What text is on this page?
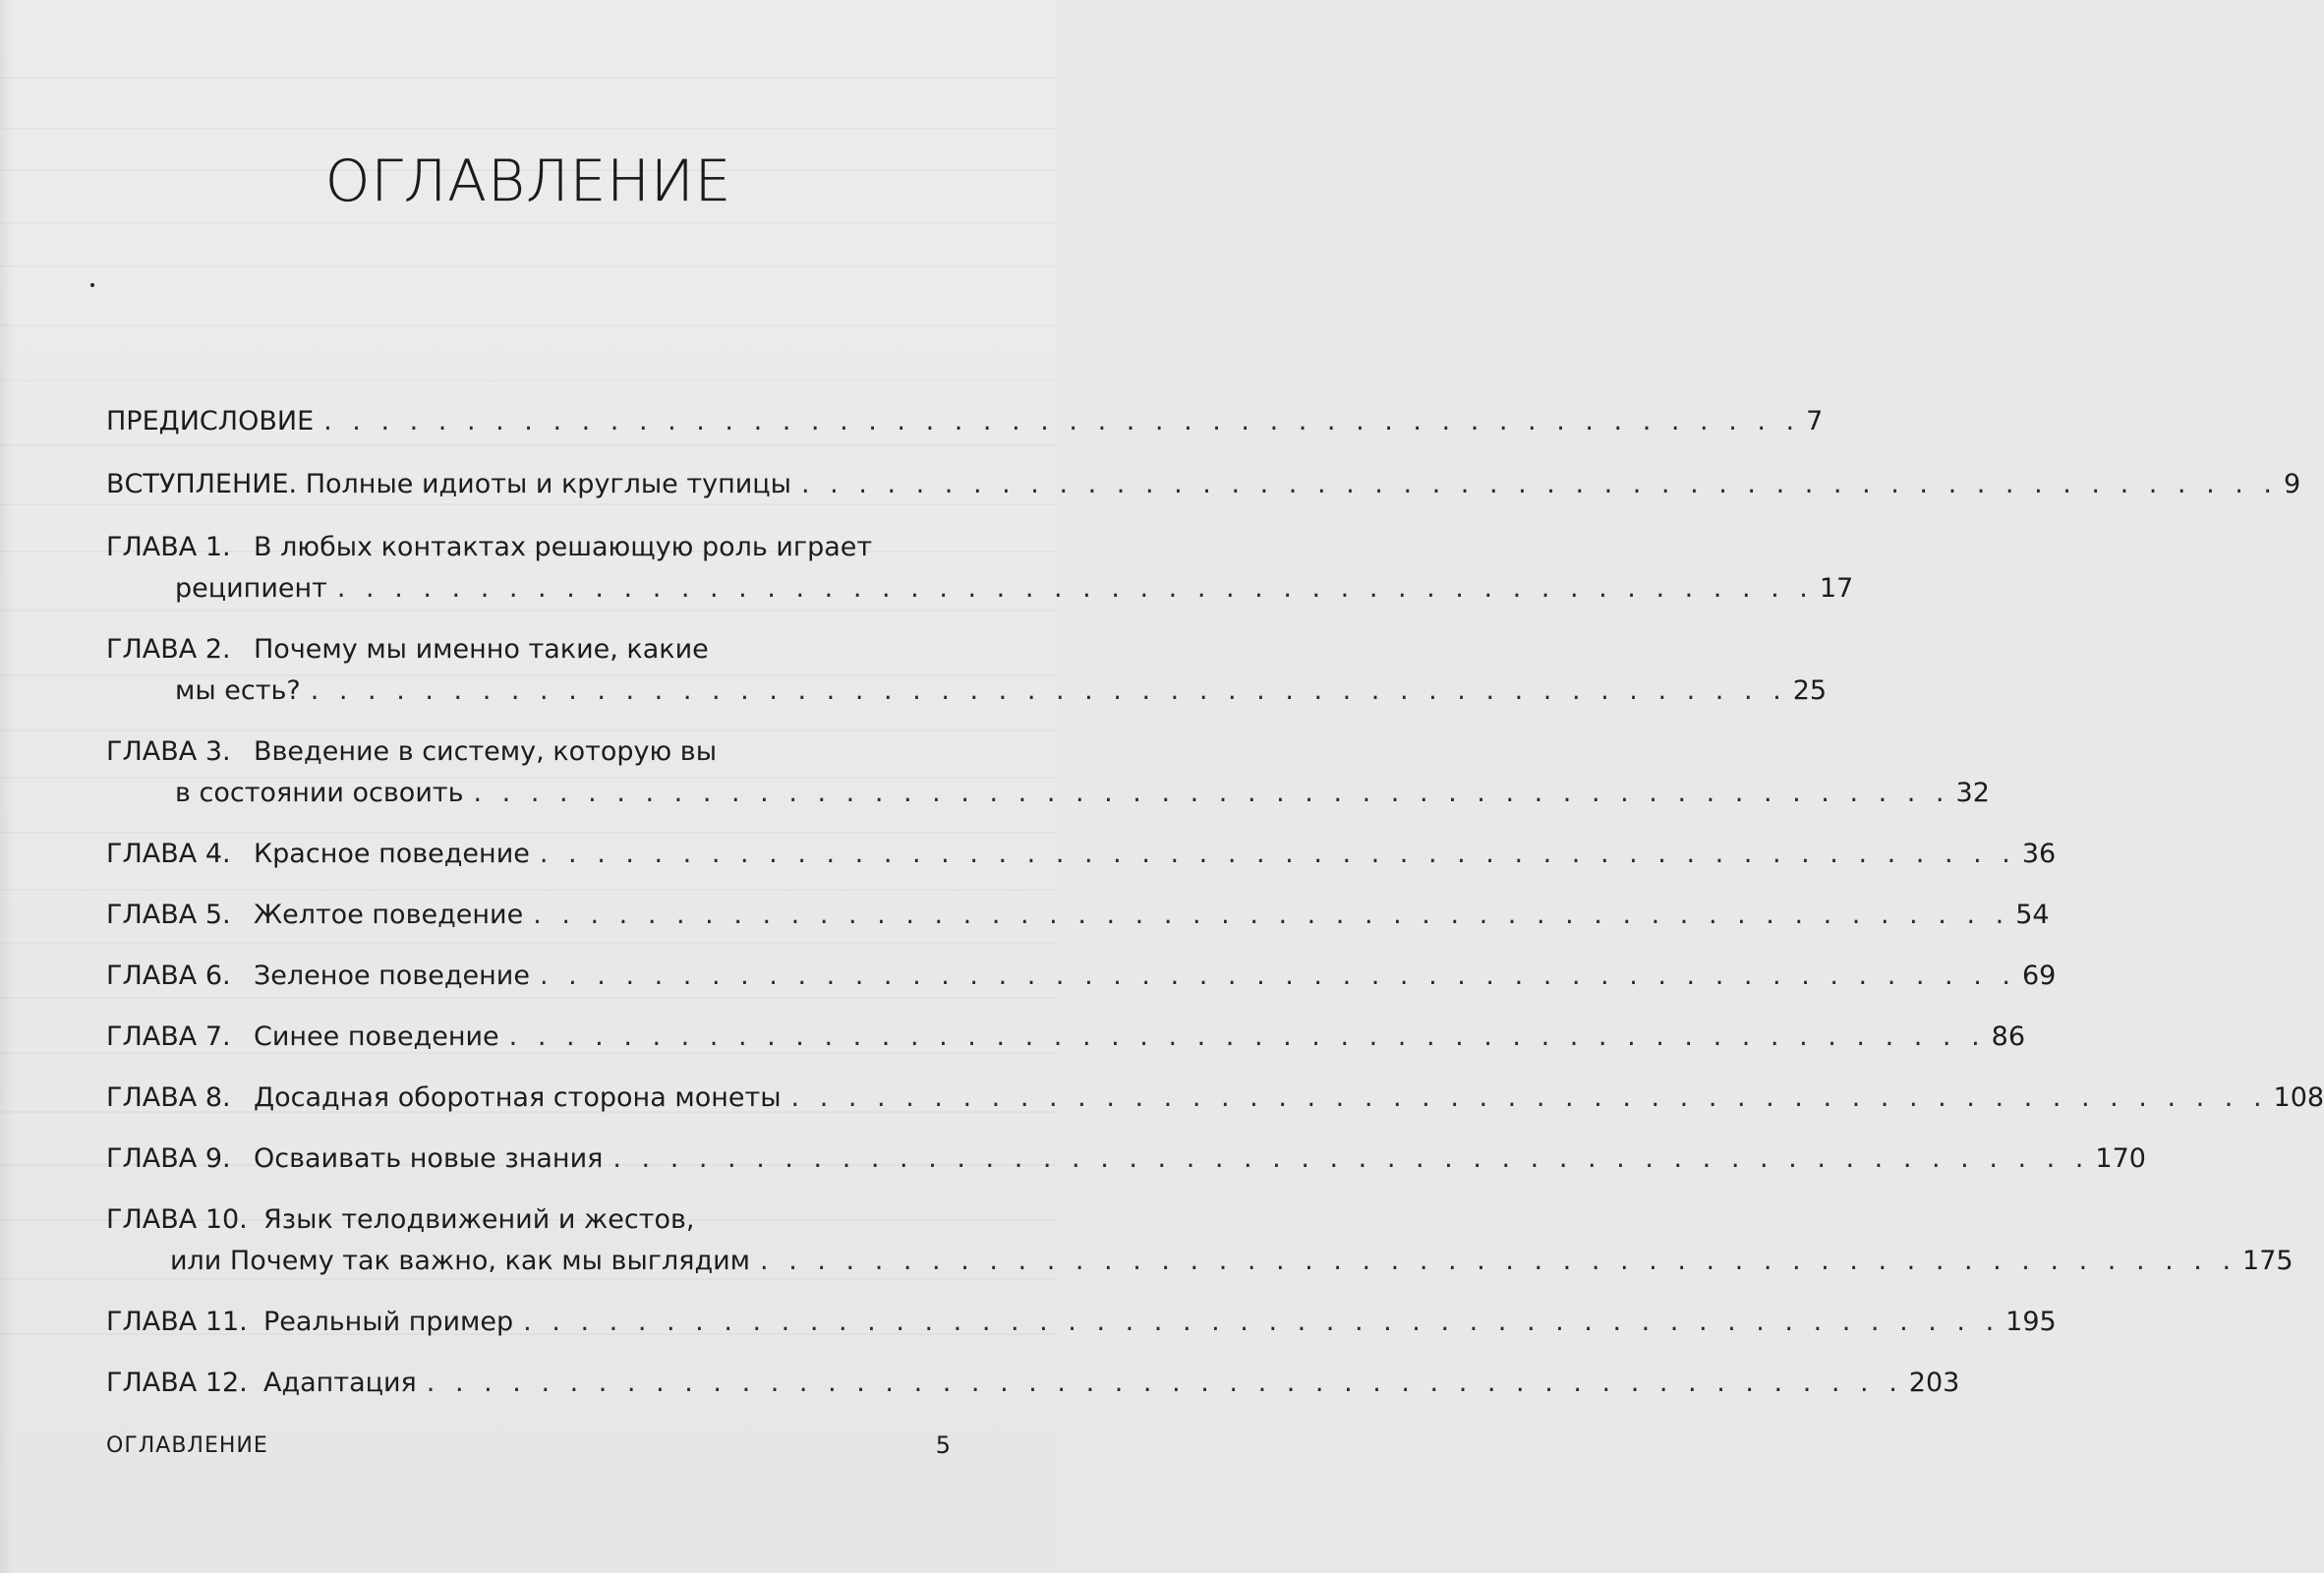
ОГЛАВЛЕНИЕ
ПРЕДИСЛОВИЕ . . . . . . . . . . . . . . . . . . . . . . . . . . . . . . . . . . . . . . . . . . . . . . . . . . . . 7
ВСТУПЛЕНИЕ. Полные идиоты и круглые тупицы . . . . . . . . . . . . . . . . . . . . . . . . . . . . . . . . . . . . . . . . . . . . . . . . . . . . 9
ГЛАВА 1. В любых контактах решающую роль играет
реципиент . . . . . . . . . . . . . . . . . . . . . . . . . . . . . . . . . . . . . . . . . . . . . . . . . . . . 17
ГЛАВА 2. Почему мы именно такие, какие
мы есть? . . . . . . . . . . . . . . . . . . . . . . . . . . . . . . . . . . . . . . . . . . . . . . . . . . . . 25
ГЛАВА 3. Введение в систему, которую вы
в состоянии освоить . . . . . . . . . . . . . . . . . . . . . . . . . . . . . . . . . . . . . . . . . . . . . . . . . . . . 32
ГЛАВА 4. Красное поведение . . . . . . . . . . . . . . . . . . . . . . . . . . . . . . . . . . . . . . . . . . . . . . . . . . . . 36
ГЛАВА 5. Желтое поведение . . . . . . . . . . . . . . . . . . . . . . . . . . . . . . . . . . . . . . . . . . . . . . . . . . . . 54
ГЛАВА 6. Зеленое поведение . . . . . . . . . . . . . . . . . . . . . . . . . . . . . . . . . . . . . . . . . . . . . . . . . . . . 69
ГЛАВА 7. Синее поведение . . . . . . . . . . . . . . . . . . . . . . . . . . . . . . . . . . . . . . . . . . . . . . . . . . . . 86
ГЛАВА 8. Досадная оборотная сторона монеты . . . . . . . . . . . . . . . . . . . . . . . . . . . . . . . . . . . . . . . . . . . . . . . . . . . . 108
ГЛАВА 9. Осваивать новые знания . . . . . . . . . . . . . . . . . . . . . . . . . . . . . . . . . . . . . . . . . . . . . . . . . . . . 170
ГЛАВА 10. Язык телодвижений и жестов,
или Почему так важно, как мы выглядим . . . . . . . . . . . . . . . . . . . . . . . . . . . . . . . . . . . . . . . . . . . . . . . . . . . . 175
ГЛАВА 11. Реальный пример . . . . . . . . . . . . . . . . . . . . . . . . . . . . . . . . . . . . . . . . . . . . . . . . . . . . 195
ГЛАВА 12. Адаптация . . . . . . . . . . . . . . . . . . . . . . . . . . . . . . . . . . . . . . . . . . . . . . . . . . . . 203
ОГЛАВЛЕНИЕ	5
